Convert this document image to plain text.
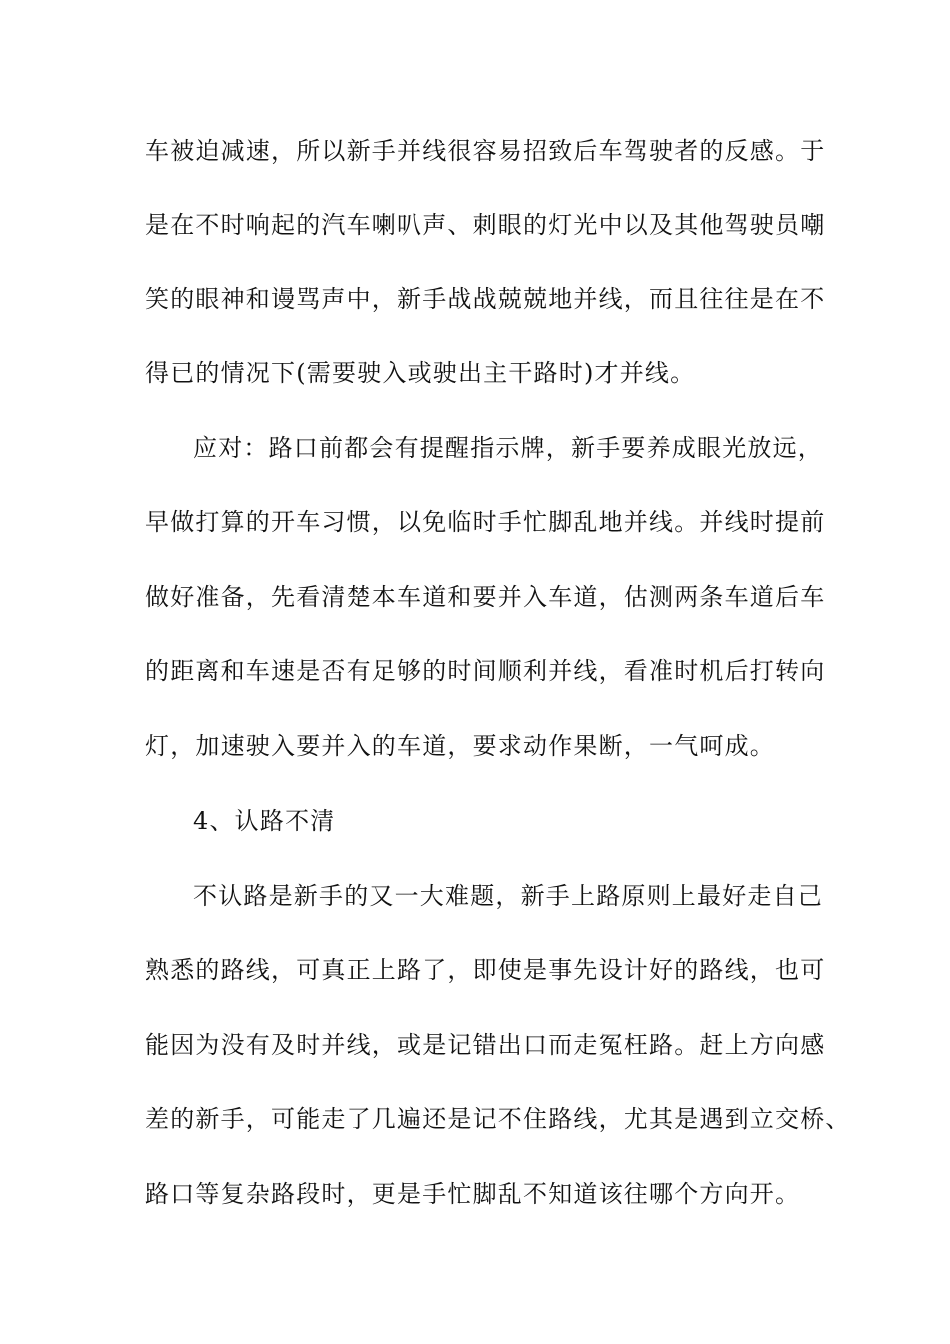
车被迫减速，所以新手并线很容易招致后车驾驶者的反感。于
是在不时响起的汽车喇叭声、刺眼的灯光中以及其他驾驶员嘲
笑的眼神和谩骂声中，新手战战兢兢地并线，而且往往是在不
得已的情况下(需要驶入或驶出主干路时)才并线。
应对：路口前都会有提醒指示牌，新手要养成眼光放远，
早做打算的开车习惯，以免临时手忙脚乱地并线。并线时提前
做好准备，先看清楚本车道和要并入车道，估测两条车道后车
的距离和车速是否有足够的时间顺利并线，看准时机后打转向
灯，加速驶入要并入的车道，要求动作果断，一气呵成。
4、认路不清
不认路是新手的又一大难题，新手上路原则上最好走自己
熟悉的路线，可真正上路了，即使是事先设计好的路线，也可
能因为没有及时并线，或是记错出口而走冤枉路。赶上方向感
差的新手，可能走了几遍还是记不住路线，尤其是遇到立交桥、
路口等复杂路段时，更是手忙脚乱不知道该往哪个方向开。
